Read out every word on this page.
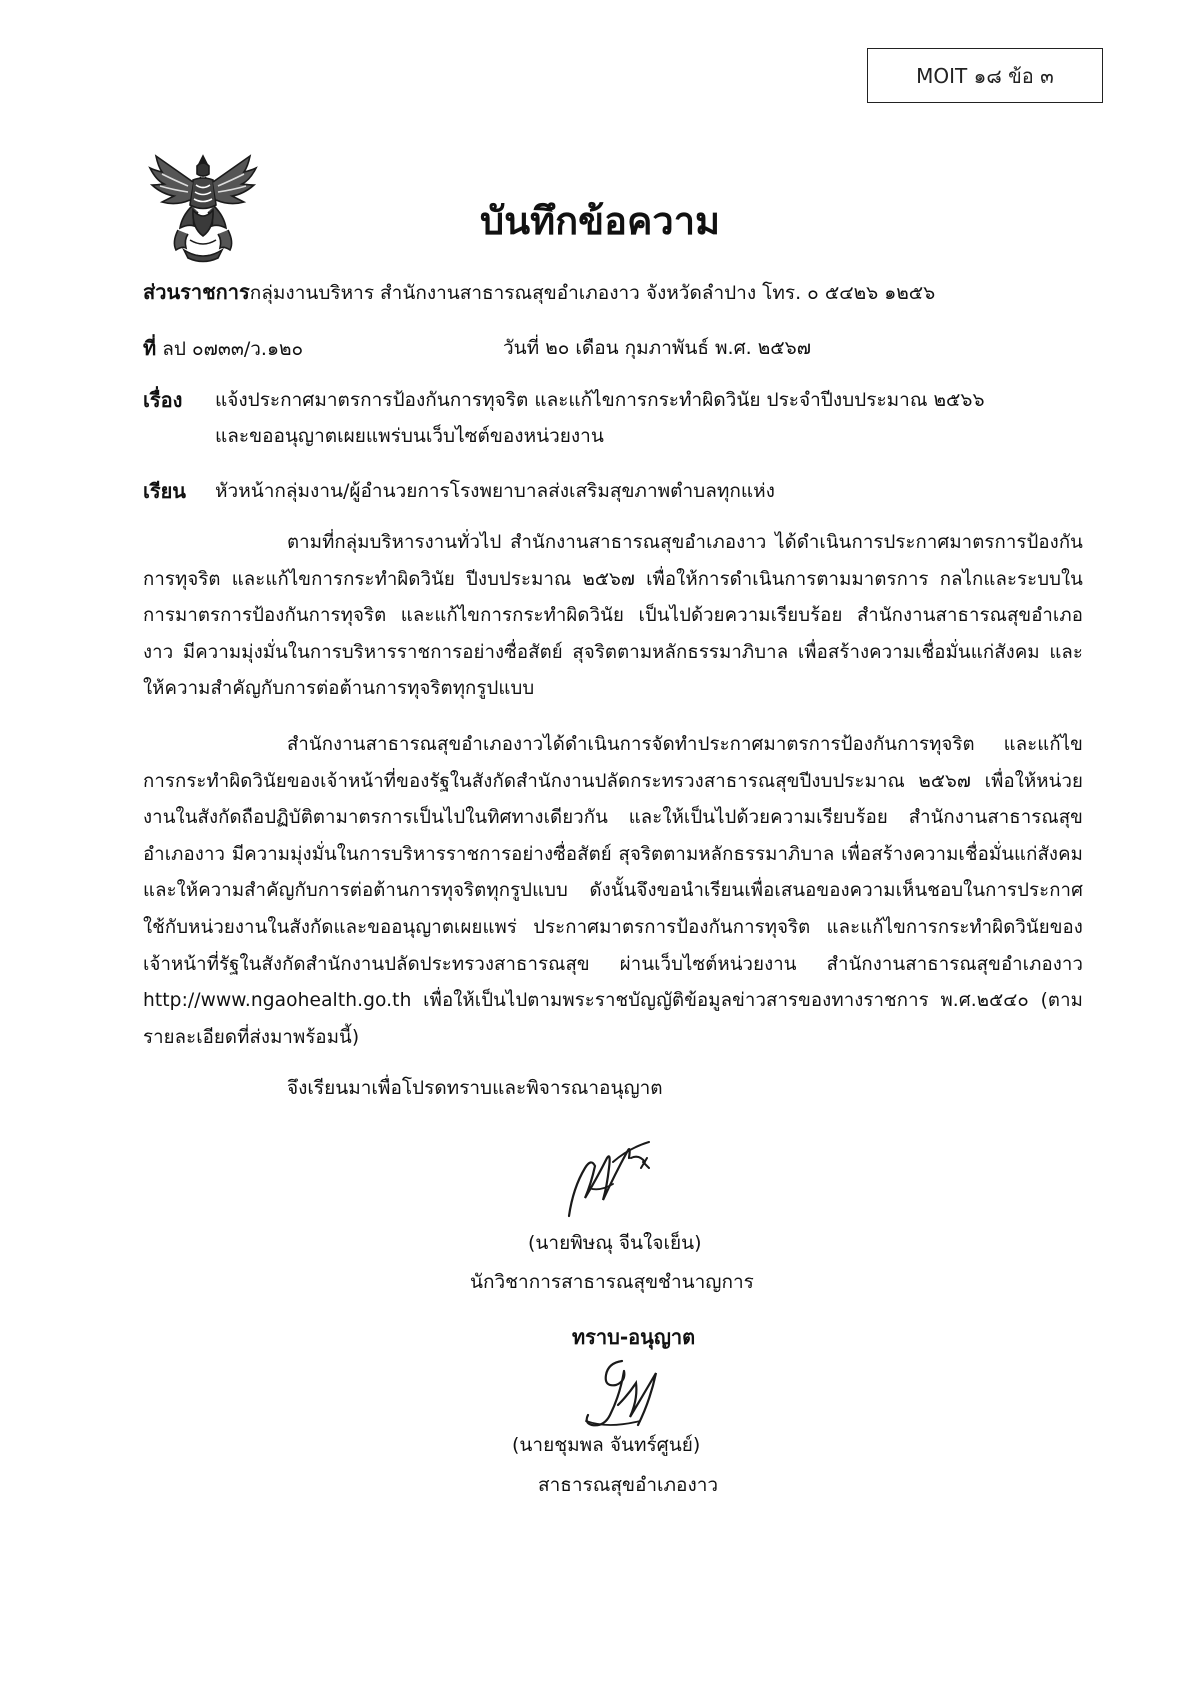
MOIT ๑๘ ข้อ ๓
บันทึกข้อความ
ส่วนราชการกลุ่มงานบริหาร สำนักงานสาธารณสุขอำเภองาว จังหวัดลำปาง โทร. ๐ ๕๔๒๖ ๑๒๕๖
ที่ ลป ๐๗๓๓/ว.๑๒๐	วันที่ ๒๐ เดือน กุมภาพันธ์ พ.ศ. ๒๕๖๗
เรื่อง แจ้งประกาศมาตรการป้องกันการทุจริต และแก้ไขการกระทำผิดวินัย ประจำปีงบประมาณ ๒๕๖๖
และขออนุญาตเผยแพร่บนเว็บไซต์ของหน่วยงาน
เรียน หัวหน้ากลุ่มงาน/ผู้อำนวยการโรงพยาบาลส่งเสริมสุขภาพตำบลทุกแห่ง
ตามที่กลุ่มบริหารงานทั่วไป สำนักงานสาธารณสุขอำเภองาว ได้ดำเนินการประกาศมาตรการป้องกันการทุจริต และแก้ไขการกระทำผิดวินัย ปีงบประมาณ ๒๕๖๗ เพื่อให้การดำเนินการตามมาตรการ กลไกและระบบในการมาตรการป้องกันการทุจริต และแก้ไขการกระทำผิดวินัย เป็นไปด้วยความเรียบร้อย สำนักงานสาธารณสุขอำเภองาว มีความมุ่งมั่นในการบริหารราชการอย่างซื่อสัตย์ สุจริตตามหลักธรรมาภิบาล เพื่อสร้างความเชื่อมั่นแก่สังคม และให้ความสำคัญกับการต่อต้านการทุจริตทุกรูปแบบ
สำนักงานสาธารณสุขอำเภองาวได้ดำเนินการจัดทำประกาศมาตรการป้องกันการทุจริต และแก้ไขการกระทำผิดวินัยของเจ้าหน้าที่ของรัฐในสังกัดสำนักงานปลัดกระทรวงสาธารณสุขปีงบประมาณ ๒๕๖๗ เพื่อให้หน่วยงานในสังกัดถือปฏิบัติตามาตรการเป็นไปในทิศทางเดียวกัน และให้เป็นไปด้วยความเรียบร้อย สำนักงานสาธารณสุขอำเภองาว มีความมุ่งมั่นในการบริหารราชการอย่างซื่อสัตย์ สุจริตตามหลักธรรมาภิบาล เพื่อสร้างความเชื่อมั่นแก่สังคม และให้ความสำคัญกับการต่อต้านการทุจริตทุกรูปแบบ ดังนั้นจึงขอนำเรียนเพื่อเสนอของความเห็นชอบในการประกาศใช้กับหน่วยงานในสังกัดและขออนุญาตเผยแพร่ ประกาศมาตรการป้องกันการทุจริต และแก้ไขการกระทำผิดวินัยของเจ้าหน้าที่รัฐในสังกัดสำนักงานปลัดประทรวงสาธารณสุข ผ่านเว็บไซต์หน่วยงาน สำนักงานสาธารณสุขอำเภองาว http://www.ngaohealth.go.th เพื่อให้เป็นไปตามพระราชบัญญัติข้อมูลข่าวสารของทางราชการ พ.ศ.๒๕๔๐ (ตามรายละเอียดที่ส่งมาพร้อมนี้)
จึงเรียนมาเพื่อโปรดทราบและพิจารณาอนุญาต
(นายพิษณุ จีนใจเย็น)
นักวิชาการสาธารณสุขชำนาญการ
ทราบ-อนุญาต
(นายชุมพล จันทร์ศูนย์)
สาธารณสุขอำเภองาว
